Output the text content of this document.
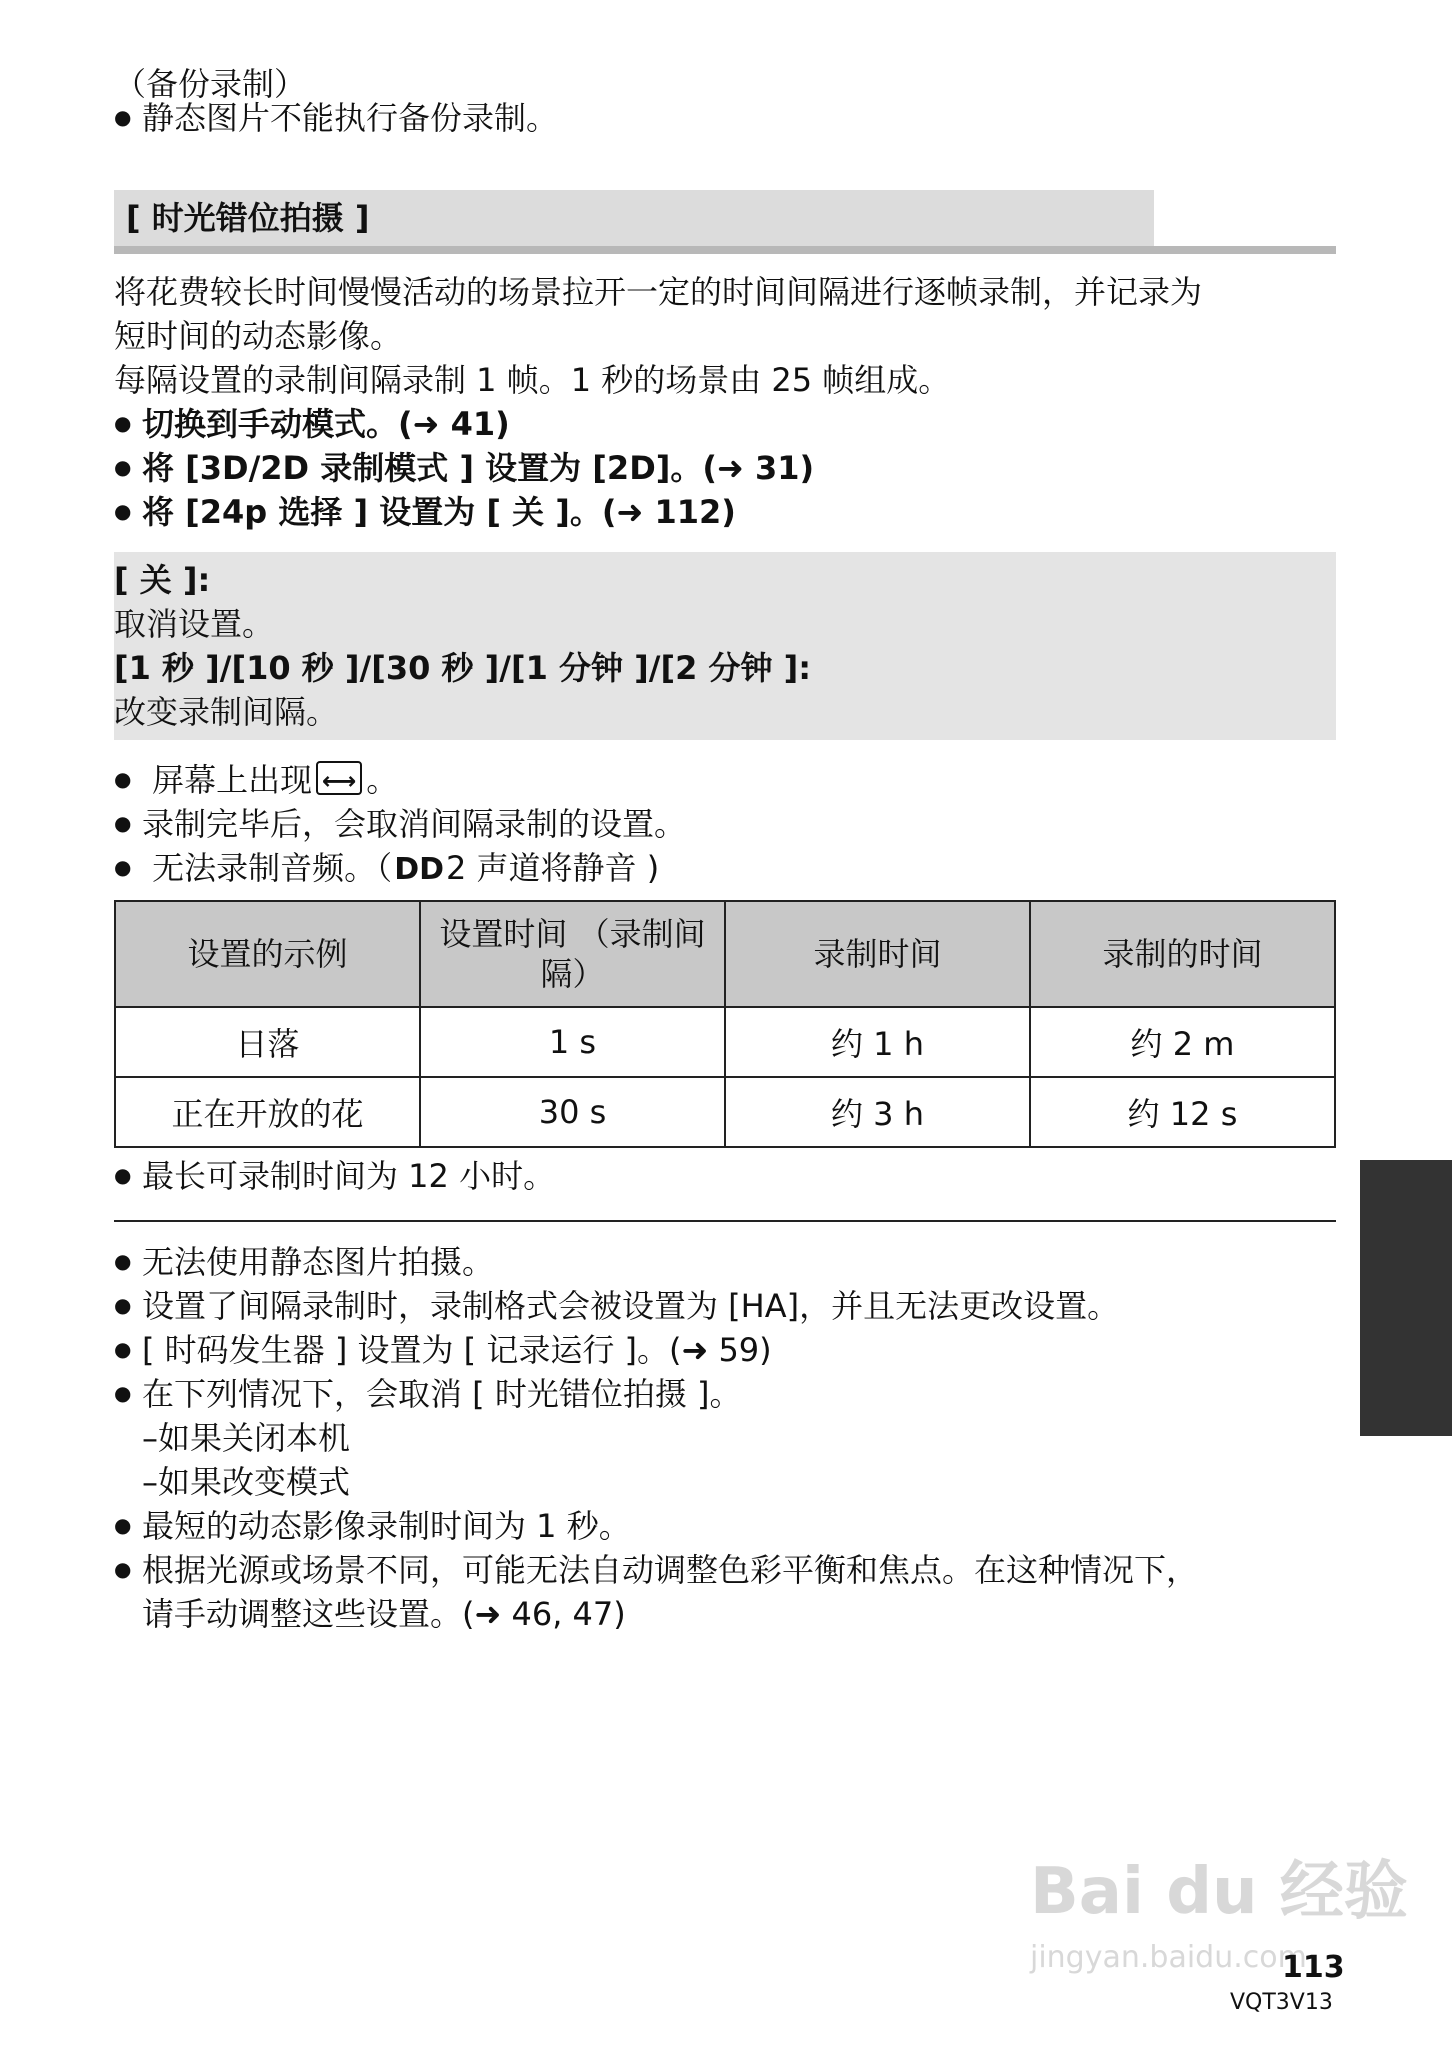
（备份录制）
● 静态图片不能执行备份录制。
[ 时光错位拍摄 ]
将花费较长时间慢慢活动的场景拉开一定的时间间隔进行逐帧录制，并记录为
短时间的动态影像。
每隔设置的录制间隔录制 1 帧。1 秒的场景由 25 帧组成。
● 切换到手动模式。(➜ 41)
● 将 [3D/2D 录制模式 ] 设置为 [2D]。(➜ 31)
● 将 [24p 选择 ] 设置为 [ 关 ]。(➜ 112)
[ 关 ]:
取消设置。
[1 秒 ]/[10 秒 ]/[30 秒 ]/[1 分钟 ]/[2 分钟 ]:
改变录制间隔。
● 屏幕上出现 ⟷ 。
● 录制完毕后，会取消间隔录制的设置。
● 无法录制音频。（DD2 声道将静音 )
设置的示例	设置时间 （录制间隔）	录制时间	录制的时间
日落	1 s	约 1 h	约 2 m
正在开放的花	30 s	约 3 h	约 12 s
● 最长可录制时间为 12 小时。
● 无法使用静态图片拍摄。
● 设置了间隔录制时，录制格式会被设置为 [HA]，并且无法更改设置。
● [ 时码发生器 ] 设置为 [ 记录运行 ]。(➜ 59)
● 在下列情况下，会取消 [ 时光错位拍摄 ]。
–如果关闭本机
–如果改变模式
● 最短的动态影像录制时间为 1 秒。
● 根据光源或场景不同，可能无法自动调整色彩平衡和焦点。在这种情况下，
请手动调整这些设置。(➜ 46, 47)
Bai du 经验
jingyan.baidu.com
113
VQT3V13
